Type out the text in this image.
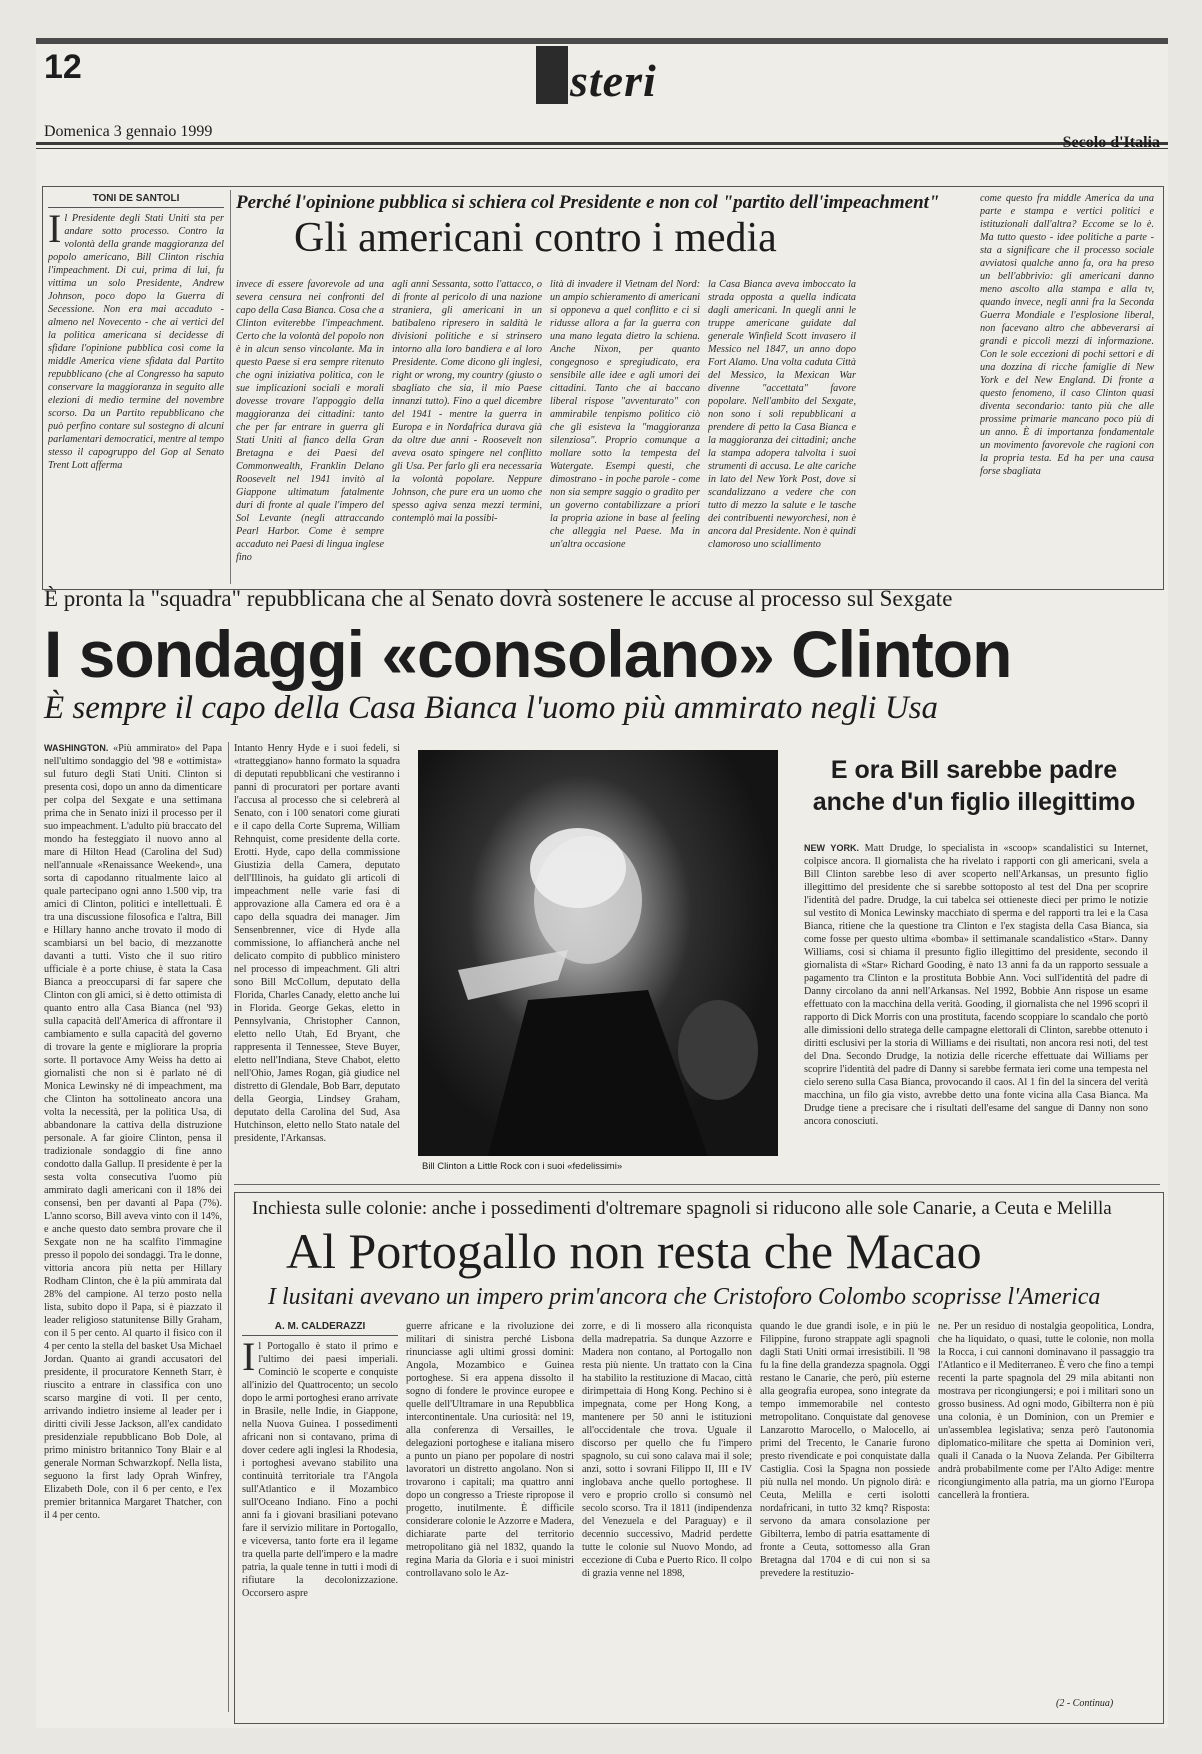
12	steri
Domenica 3 gennaio 1999
Secolo d'Italia
TONI DE SANTOLI
I l Presidente degli Stati Uniti sta per andare sotto processo. Contro la volontà della grande maggioranza del popolo americano, Bill Clinton rischia l'impeachment. Di cui, prima di lui, fu vittima un solo Presidente, Andrew Johnson, poco dopo la Guerra di Secessione. Non era mai accaduto - almeno nel Novecento - che ai vertici del la politica americana si decidesse di sfidare l'opinione pubblica così come la middle America viene sfidata dal Partito repubblicano (che al Congresso ha saputo conservare la maggioranza in seguito alle elezioni di medio termine del novembre scorso. Da un Partito repubblicano che può perfino contare sul sostegno di alcuni parlamentari democratici, mentre al tempo stesso il capogruppo del Gop al Senato Trent Lott afferma
Perché l'opinione pubblica si schiera col Presidente e non col "partito dell'impeachment"
Gli americani contro i media
invece di essere favorevole ad una severa censura nei confronti del capo della Casa Bianca. Cosa che a Clinton eviterebbe l'impeachment. Certo che la volontà del popolo non è in alcun senso vincolante. Ma in questo Paese si era sempre ritenuto che ogni iniziativa politica, con le sue implicazioni sociali e morali dovesse trovare l'appoggio della maggioranza dei cittadini: tanto che per far entrare in guerra gli Stati Uniti al fianco della Gran Bretagna e dei Paesi del Commonwealth, Franklin Delano Roosevelt nel 1941 invitò al Giappone ultimatum fatalmente duri di fronte al quale l'impero del Sol Levante (negli attraccando Pearl Harbor. Come è sempre accaduto nei Paesi di lingua inglese fino
agli anni Sessanta, sotto l'attacco, o di fronte al pericolo di una nazione straniera, gli americani in un batibaleno ripresero in saldità le divisioni politiche e si strinsero intorno alla loro bandiera e al loro Presidente. Come dicono gli inglesi, right or wrong, my country (giusto o sbagliato che sia, il mio Paese innanzi tutto). Fino a quel dicembre del 1941 - mentre la guerra in Europa e in Nordafrica durava già da oltre due anni - Roosevelt non aveva osato spingere nel conflitto gli Usa. Per farlo gli era necessaria la volontà popolare. Neppure Johnson, che pure era un uomo che spesso agiva senza mezzi termini, contemplò mai la possibi-
lità di invadere il Vietnam del Nord: un ampio schieramento di americani si opponeva a quel conflitto e ci si ridusse allora a far la guerra con una mano legata dietro la schiena. Anche Nixon, per quanto congegnoso e spregiudicato, era sensibile alle idee e agli umori dei cittadini. Tanto che ai baccano liberal rispose "avventurato" con ammirabile tenpismo politico ciò che gli esisteva la "maggioranza silenziosa". Proprio comunque a mollare sotto la tempesta del Watergate. Esempi questi, che dimostrano - in poche parole - come non sia sempre saggio o gradito per un governo contabilizzare a priori la propria azione in base al feeling che alleggia nel Paese. Ma in un'altra occasione
la Casa Bianca aveva imboccato la strada opposta a quella indicata dagli americani. In quegli anni le truppe americane guidate dal generale Winfield Scott invasero il Messico nel 1847, un anno dopo Fort Alamo. Una volta caduta Città del Messico, la Mexican War divenne "accettata" favore popolare. Nell'ambito del Sexgate, non sono i soli repubblicani a prendere di petto la Casa Bianca e la maggioranza dei cittadini; anche la stampa adopera talvolta i suoi strumenti di accusa. Le alte cariche in lato del New York Post, dove si scandalizzano a vedere che con tutto di mezzo la salute e le tasche dei contribuenti newyorchesi, non è ancora dal Presidente. Non è quindi clamoroso uno sciallimento
come questo fra middle America da una parte e stampa e vertici politici e istituzionali dall'altra? Eccome se lo è. Ma tutto questo - idee politiche a parte - sta a significare che il processo sociale avviatosi qualche anno fa, ora ha preso un bell'abbrivio: gli americani danno meno ascolto alla stampa e alla tv, quando invece, negli anni fra la Seconda Guerra Mondiale e l'esplosione liberal, non facevano altro che abbeverarsi ai grandi e piccoli mezzi di informazione. Con le sole eccezioni di pochi settori e di una dozzina di ricche famiglie di New York e del New England. Di fronte a questo fenomeno, il caso Clinton quasi diventa secondario: tanto più che alle prossime primarie mancano poco più di un anno. È di importanza fondamentale un movimento favorevole che ragioni con la propria testa. Ed ha per una causa forse sbagliata
È pronta la "squadra" repubblicana che al Senato dovrà sostenere le accuse al processo sul Sexgate
I sondaggi «consolano» Clinton
È sempre il capo della Casa Bianca l'uomo più ammirato negli Usa
WASHINGTON. «Più ammirato» del Papa nell'ultimo sondaggio del '98 e «ottimista» sul futuro degli Stati Uniti. Clinton si presenta così, dopo un anno da dimenticare per colpa del Sexgate e una settimana prima che in Senato inizi il processo per il suo impeachment. L'adulto più braccato del mondo ha festeggiato il nuovo anno al mare di Hilton Head (Carolina del Sud) nell'annuale «Renaissance Weekend», una sorta di capodanno ritualmente laico al quale partecipano ogni anno 1.500 vip, tra amici di Clinton, politici e intellettuali. È tra una discussione filosofica e l'altra, Bill e Hillary hanno anche trovato il modo di scambiarsi un bel bacio, di mezzanotte davanti a tutti. Visto che il suo ritiro ufficiale è a porte chiuse, è stata la Casa Bianca a preoccuparsi di far sapere che Clinton con gli amici, si è detto ottimista di quanto entro alla Casa Bianca (nel '93) sulla capacità dell'America di affrontare il cambiamento e sulla capacità del governo di trovare la gente e migliorare la propria sorte. Il portavoce Amy Weiss ha detto ai giornalisti che non si è parlato né di Monica Lewinsky né di impeachment, ma che Clinton ha sottolineato ancora una volta la necessità, per la politica Usa, di abbandonare la cattiva della distruzione personale. A far gioire Clinton, pensa il tradizionale sondaggio di fine anno condotto dalla Gallup. Il presidente è per la sesta volta consecutiva l'uomo più ammirato dagli americani con il 18% dei consensi, ben per davanti al Papa (7%). L'anno scorso, Bill aveva vinto con il 14%, e anche questo dato sembra provare che il Sexgate non ne ha scalfito l'immagine presso il popolo dei sondaggi. Tra le donne, vittoria ancora più netta per Hillary Rodham Clinton, che è la più ammirata dal 28% del campione. Al terzo posto nella lista, subito dopo il Papa, si è piazzato il leader religioso statunitense Billy Graham, con il 5 per cento. Al quarto il fisico con il 4 per cento la stella del basket Usa Michael Jordan. Quanto ai grandi accusatori del presidente, il procuratore Kenneth Starr, è riuscito a entrare in classifica con uno scarso margine di voti. Il per cento, arrivando indietro insieme al leader per i diritti civili Jesse Jackson, all'ex candidato presidenziale repubblicano Bob Dole, al primo ministro britannico Tony Blair e al generale Norman Schwarzkopf. Nella lista, seguono la first lady Oprah Winfrey, Elizabeth Dole, con il 6 per cento, e l'ex premier britannica Margaret Thatcher, con il 4 per cento.
Intanto Henry Hyde e i suoi fedeli, si «tratteggiano» hanno formato la squadra di deputati repubblicani che vestiranno i panni di procuratori per portare avanti l'accusa al processo che si celebrerà al Senato, con i 100 senatori come giurati e il capo della Corte Suprema, William Rehnquist, come presidente della corte. Erotti. Hyde, capo della commissione Giustizia della Camera, deputato dell'Illinois, ha guidato gli articoli di impeachment nelle varie fasi di approvazione alla Camera ed ora è a capo della squadra dei manager. Jim Sensenbrenner, vice di Hyde alla commissione, lo affiancherà anche nel delicato compito di pubblico ministero nel processo di impeachment. Gli altri sono Bill McCollum, deputato della Florida, Charles Canady, eletto anche lui in Florida. George Gekas, eletto in Pennsylvania, Christopher Cannon, eletto nello Utah, Ed Bryant, che rappresenta il Tennessee, Steve Buyer, eletto nell'Indiana, Steve Chabot, eletto nell'Ohio, James Rogan, già giudice nel distretto di Glendale, Bob Barr, deputato della Georgia, Lindsey Graham, deputato della Carolina del Sud, Asa Hutchinson, eletto nello Stato natale del presidente, l'Arkansas.
Bill Clinton a Little Rock con i suoi «fedelissimi»
E ora Bill sarebbe padre anche d'un figlio illegittimo
NEW YORK. Matt Drudge, lo specialista in «scoop» scandalistici su Internet, colpisce ancora. Il giornalista che ha rivelato i rapporti con gli americani, svela a Bill Clinton sarebbe leso di aver scoperto nell'Arkansas, un presunto figlio illegittimo del presidente che si sarebbe sottoposto al test del Dna per scoprire l'identità del padre. Drudge, la cui tabelca sei ottieneste dieci per primo le notizie sul vestito di Monica Lewinsky macchiato di sperma e del rapporti tra lei e la Casa Bianca, ritiene che la questione tra Clinton e l'ex stagista della Casa Bianca, sia come fosse per questo ultima «bomba» il settimanale scandalistico «Star». Danny Williams, cosi si chiama il presunto figlio illegittimo del presidente, secondo il giornalista di «Star» Richard Gooding, è nato 13 anni fa da un rapporto sessuale a pagamento tra Clinton e la prostituta Bobbie Ann. Voci sull'identità del padre di Danny circolano da anni nell'Arkansas. Nel 1992, Bobbie Ann rispose un esame effettuato con la macchina della verità. Gooding, il giornalista che nel 1996 scoprì il rapporto di Dick Morris con una prostituta, facendo scoppiare lo scandalo che portò alle dimissioni dello stratega delle campagne elettorali di Clinton, sarebbe ottenuto i diritti esclusivi per la storia di Williams e dei risultati, non ancora resi noti, del test del Dna. Secondo Drudge, la notizia delle ricerche effettuate dai Williams per scoprire l'identità del padre di Danny si sarebbe fermata ieri come una tempesta nel cielo sereno sulla Casa Bianca, provocando il caos. Al 1 fin del la sincera del verità macchina, un filo gia visto, avrebbe detto una fonte vicina alla Casa Bianca. Ma Drudge tiene a precisare che i risultati dell'esame del sangue di Danny non sono ancora conosciuti.
Inchiesta sulle colonie: anche i possedimenti d'oltremare spagnoli si riducono alle sole Canarie, a Ceuta e Melilla
Al Portogallo non resta che Macao
I lusitani avevano un impero prim'ancora che Cristoforo Colombo scoprisse l'America
A. M. CALDERAZZI
I l Portogallo è stato il primo e l'ultimo dei paesi imperiali. Cominciò le scoperte e conquiste all'inizio del Quattrocento; un secolo dopo le armi portoghesi erano arrivate in Brasile, nelle Indie, in Giappone, nella Nuova Guinea. I possedimenti africani non si contavano, prima di dover cedere agli inglesi la Rhodesia, i portoghesi avevano stabilito una continuità territoriale tra l'Angola sull'Atlantico e il Mozambico sull'Oceano Indiano. Fino a pochi anni fa i giovani brasiliani potevano fare il servizio militare in Portogallo, e viceversa, tanto forte era il legame tra quella parte dell'impero e la madre patria, la quale tenne in tutti i modi di rifiutare la decolonizzazione. Occorsero aspre
guerre africane e la rivoluzione dei militari di sinistra perché Lisbona rinunciasse agli ultimi grossi domini: Angola, Mozambico e Guinea portoghese. Si era appena dissolto il sogno di fondere le province europee e quelle dell'Ultramare in una Repubblica intercontinentale. Una curiosità: nel 19, alla conferenza di Versailles, le delegazioni portoghese e italiana misero a punto un piano per popolare di nostri lavoratori un distretto angolano. Non si trovarono i capitali; ma quattro anni dopo un congresso a Trieste ripropose il progetto, inutilmente. È difficile considerare colonie le Azzorre e Madera, dichiarate parte del territorio metropolitano già nel 1832, quando la regina Maria da Gloria e i suoi ministri controllavano solo le Az-
zorre, e di lì mossero alla riconquista della madrepatria. Sa dunque Azzorre e Madera non contano, al Portogallo non resta più niente. Un trattato con la Cina ha stabilito la restituzione di Macao, città dirimpettaia di Hong Kong. Pechino si è impegnata, come per Hong Kong, a mantenere per 50 anni le istituzioni all'occidentale che trova. Uguale il discorso per quello che fu l'impero spagnolo, su cui sono calava mai il sole; anzi, sotto i sovrani Filippo II, III e IV inglobava anche quello portoghese. Il vero e proprio crollo si consumò nel secolo scorso. Tra il 1811 (indipendenza del Venezuela e del Paraguay) e il decennio successivo, Madrid perdette tutte le colonie sul Nuovo Mondo, ad eccezione di Cuba e Puerto Rico. Il colpo di grazia venne nel 1898,
quando le due grandi isole, e in più le Filippine, furono strappate agli spagnoli dagli Stati Uniti ormai irresistibili. Il '98 fu la fine della grandezza spagnola. Oggi restano le Canarie, che però, più esterne alla geografia europea, sono integrate da tempo immemorabile nel contesto metropolitano. Conquistate dal genovese Lanzarotto Marocello, o Malocello, ai primi del Trecento, le Canarie furono presto rivendicate e poi conquistate dalla Castiglia. Così la Spagna non possiede più nulla nel mondo. Un pignolo dirà: e Ceuta, Melilla e certi isolotti nordafricani, in tutto 32 kmq? Risposta: servono da amara consolazione per Gibilterra, lembo di patria esattamente di fronte a Ceuta, sottomesso alla Gran Bretagna dal 1704 e di cui non si sa prevedere la restituzio-
ne. Per un residuo di nostalgia geopolitica, Londra, che ha liquidato, o quasi, tutte le colonie, non molla la Rocca, i cui cannoni dominavano il passaggio tra l'Atlantico e il Mediterraneo. È vero che fino a tempi recenti la parte spagnola del 29 mila abitanti non mostrava per ricongiungersi; e poi i militari sono un grosso business. Ad ogni modo, Gibilterra non è più una colonia, è un Dominion, con un Premier e un'assemblea legislativa; senza però l'autonomia diplomatico-militare che spetta ai Dominion veri, quali il Canada o la Nuova Zelanda. Per Gibilterra andrà probabilmente come per l'Alto Adige: mentre ricongiungimento alla patria, ma un giorno l'Europa cancellerà la frontiera.
(2 - Continua)
